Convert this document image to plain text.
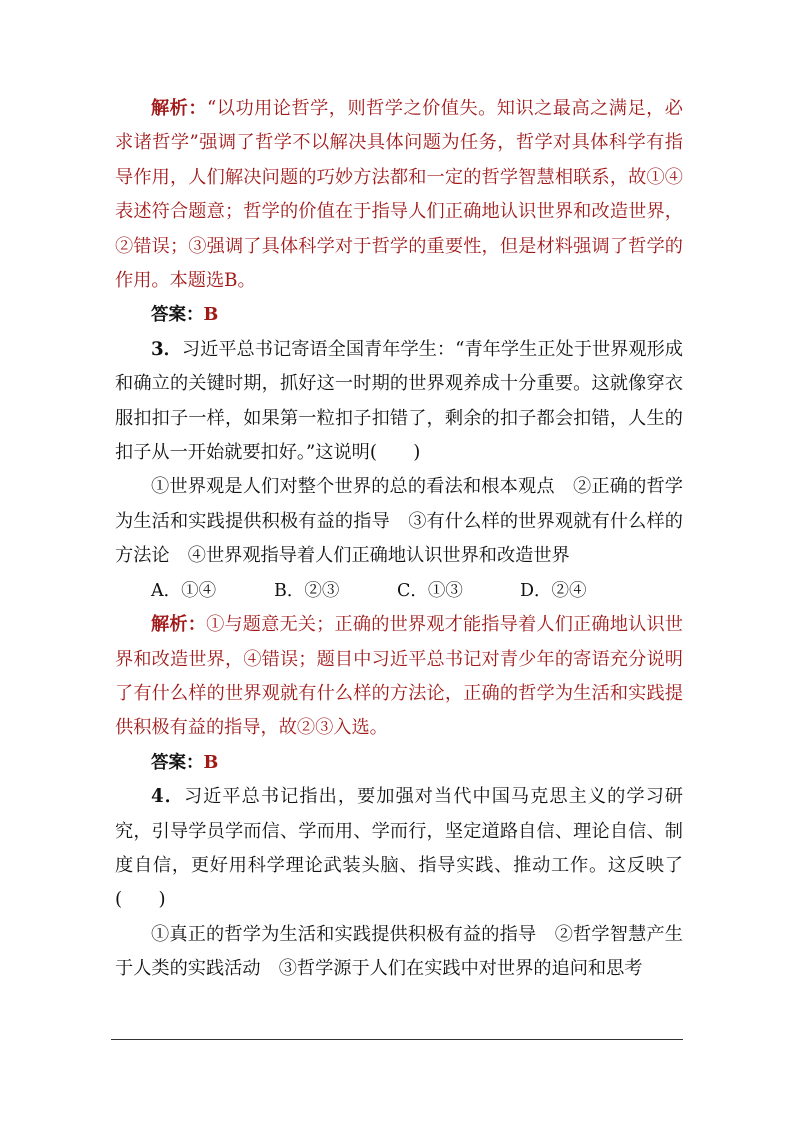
解析：“以功用论哲学，则哲学之价值失。知识之最高之满足，必求诸哲学”强调了哲学不以解决具体问题为任务，哲学对具体科学有指导作用，人们解决问题的巧妙方法都和一定的哲学智慧相联系，故①④表述符合题意；哲学的价值在于指导人们正确地认识世界和改造世界，②错误；③强调了具体科学对于哲学的重要性，但是材料强调了哲学的作用。本题选B。

答案：B

3．习近平总书记寄语全国青年学生：“青年学生正处于世界观形成和确立的关键时期，抓好这一时期的世界观养成十分重要。这就像穿衣服扣扣子一样，如果第一粒扣子扣错了，剩余的扣子都会扣错，人生的扣子从一开始就要扣好。”这说明(　　)

①世界观是人们对整个世界的总的看法和根本观点　②正确的哲学为生活和实践提供积极有益的指导　③有什么样的世界观就有什么样的方法论　④世界观指导着人们正确地认识世界和改造世界

A．①④	B．②③	C．①③	D．②④

解析：①与题意无关；正确的世界观才能指导着人们正确地认识世界和改造世界，④错误；题目中习近平总书记对青少年的寄语充分说明了有什么样的世界观就有什么样的方法论，正确的哲学为生活和实践提供积极有益的指导，故②③入选。

答案：B

4．习近平总书记指出，要加强对当代中国马克思主义的学习研究，引导学员学而信、学而用、学而行，坚定道路自信、理论自信、制度自信，更好用科学理论武装头脑、指导实践、推动工作。这反映了(　　)

①真正的哲学为生活和实践提供积极有益的指导　②哲学智慧产生于人类的实践活动　③哲学源于人们在实践中对世界的追问和思考
